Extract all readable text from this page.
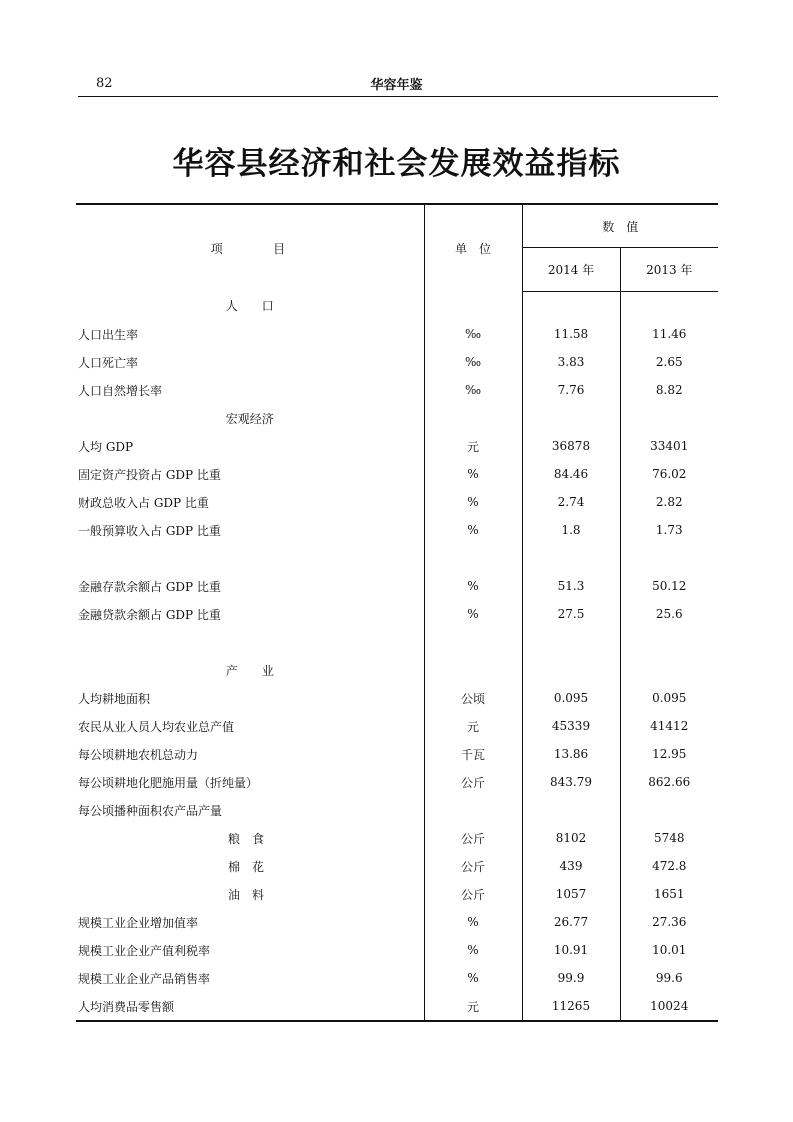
82	华容年鉴
华容县经济和社会发展效益指标
项　　　目	单　位	数　值	
		2014 年	2013 年
人　　口			
人口出生率	‰	11.58	11.46
人口死亡率	‰	3.83	2.65
人口自然增长率	‰	7.76	8.82
宏观经济			
人均 GDP	元	36878	33401
固定资产投资占 GDP 比重	%	84.46	76.02
财政总收入占 GDP 比重	%	2.74	2.82
一般预算收入占 GDP 比重	%	1.8	1.73

金融存款余额占 GDP 比重	%	51.3	50.12
金融贷款余额占 GDP 比重	%	27.5	25.6

产　　业			
人均耕地面积	公顷	0.095	0.095
农民从业人员人均农业总产值	元	45339	41412
每公顷耕地农机总动力	千瓦	13.86	12.95
每公顷耕地化肥施用量（折纯量）	公斤	843.79	862.66
每公顷播种面积农产品产量			
粮　食	公斤	8102	5748
棉　花	公斤	439	472.8
油　料	公斤	1057	1651
规模工业企业增加值率	%	26.77	27.36
规模工业企业产值利税率	%	10.91	10.01
规模工业企业产品销售率	%	99.9	99.6
人均消费品零售额	元	11265	10024
